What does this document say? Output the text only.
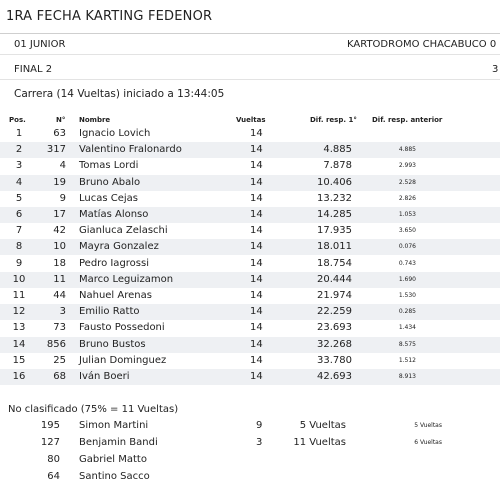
1RA FECHA KARTING FEDENOR
01 JUNIOR	KARTODROMO CHACABUCO 0
FINAL 2	3
Carrera (14 Vueltas) iniciado a 13:44:05
Pos.	N° Nombre	Vueltas	Dif. resp. 1° Dif. resp. anterior
1	63 Ignacio Lovich	14
2	317 Valentino Fralonardo	14	4.885	4.885
3	4 Tomas Lordi	14	7.878	2.993
4	19 Bruno Abalo	14	10.406	2.528
5	9 Lucas Cejas	14	13.232	2.826
6	17 Matías Alonso	14	14.285	1.053
7	42 Gianluca Zelaschi	14	17.935	3.650
8	10 Mayra Gonzalez	14	18.011	0.076
9	18 Pedro Iagrossi	14	18.754	0.743
10	11 Marco Leguizamon	14	20.444	1.690
11	44 Nahuel Arenas	14	21.974	1.530
12	3 Emilio Ratto	14	22.259	0.285
13	73 Fausto Possedoni	14	23.693	1.434
14	856 Bruno Bustos	14	32.268	8.575
15	25 Julian Dominguez	14	33.780	1.512
16	68 Iván Boeri	14	42.693	8.913
No clasificado (75% = 11 Vueltas)
195 Simon Martini	9	5 Vueltas	5 Vueltas
127 Benjamin Bandi	3	11 Vueltas	6 Vueltas
80 Gabriel Matto
64 Santino Sacco
